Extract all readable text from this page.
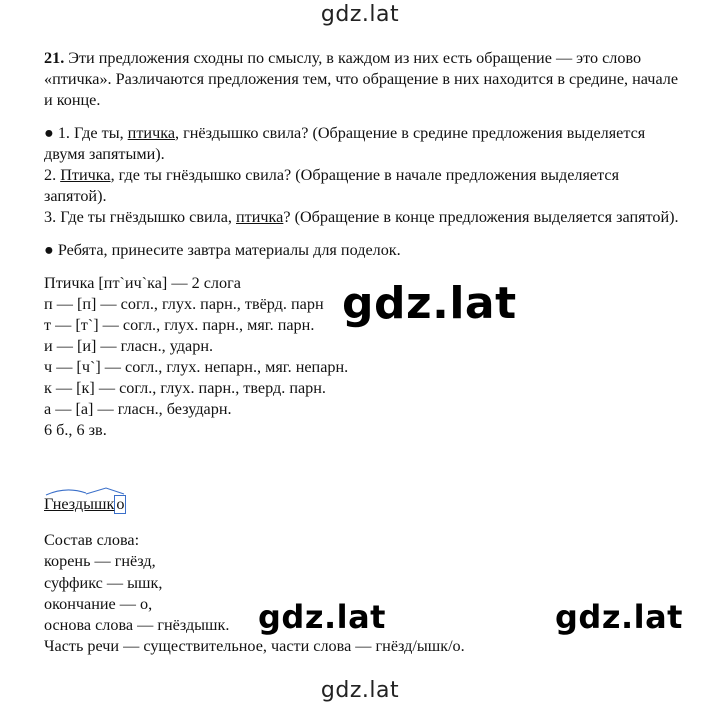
gdz.lat

21. Эти предложения сходны по смыслу, в каждом из них есть обращение — это слово «птичка». Различаются предложения тем, что обращение в них находится в средине, начале и конце.

● 1. Где ты, птичка, гнёздышко свила? (Обращение в средине предложения выделяется двумя запятыми).

2. Птичка, где ты гнёздышко свила? (Обращение в начале предложения выделяется запятой).

3. Где ты гнёздышко свила, птичка? (Обращение в конце предложения выделяется запятой).

● Ребята, принесите завтра материалы для поделок.

Птичка [пт`ич`ка] — 2 слога

п — [п] — согл., глух. парн., твёрд. парн

т — [т`] — согл., глух. парн., мяг. парн.

и — [и] — гласн., ударн.

ч — [ч`] — согл., глух. непарн., мяг. непарн.

к — [к] — согл., глух. парн., тверд. парн.

а — [а] — гласн., безударн.

6 б., 6 зв.

Гнездышк о

Состав слова:

корень — гнёзд,

суффикс — ышк,

окончание — о,

основа слова — гнёздышк.

Часть речи — существительное, части слова — гнёзд/ышк/о.

gdz.lat
gdz.lat	gdz.lat
gdz.lat
